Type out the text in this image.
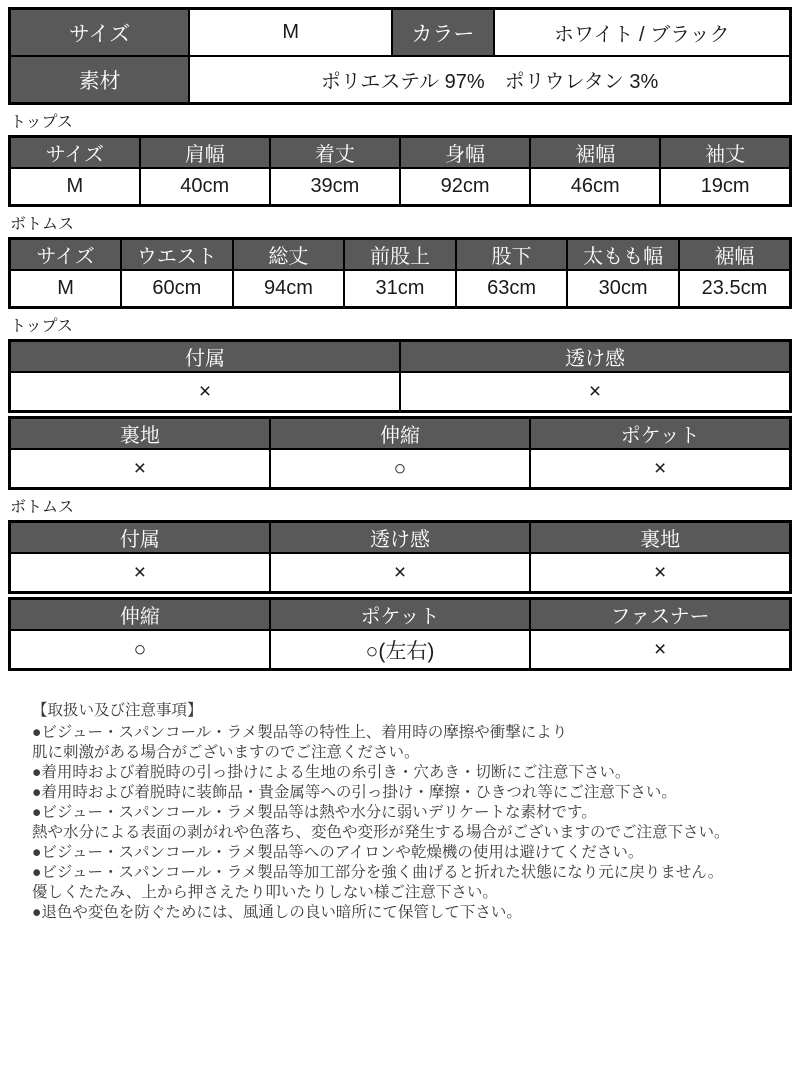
サイズ	M	カラー	ホワイト / ブラック
素材	ポリエステル 97%　ポリウレタン 3%		
トップス
サイズ	肩幅	着丈	身幅	裾幅	袖丈
M	40cm	39cm	92cm	46cm	19cm
ボトムス
サイズ	ウエスト	総丈	前股上	股下	太もも幅	裾幅
M	60cm	94cm	31cm	63cm	30cm	23.5cm
トップス
付属	透け感
×	×
裏地	伸縮	ポケット
×	○	×
ボトムス
付属	透け感	裏地
×	×	×
伸縮	ポケット	ファスナー
○	○(左右)	×
【取扱い及び注意事項】
●ビジュー・スパンコール・ラメ製品等の特性上、着用時の摩擦や衝撃により
肌に刺激がある場合がございますのでご注意ください。
●着用時および着脱時の引っ掛けによる生地の糸引き・穴あき・切断にご注意下さい。
●着用時および着脱時に装飾品・貴金属等への引っ掛け・摩擦・ひきつれ等にご注意下さい。
●ビジュー・スパンコール・ラメ製品等は熱や水分に弱いデリケートな素材です。
熱や水分による表面の剥がれや色落ち、変色や変形が発生する場合がございますのでご注意下さい。
●ビジュー・スパンコール・ラメ製品等へのアイロンや乾燥機の使用は避けてください。
●ビジュー・スパンコール・ラメ製品等加工部分を強く曲げると折れた状態になり元に戻りません。
優しくたたみ、上から押さえたり叩いたりしない様ご注意下さい。
●退色や変色を防ぐためには、風通しの良い暗所にて保管して下さい。
